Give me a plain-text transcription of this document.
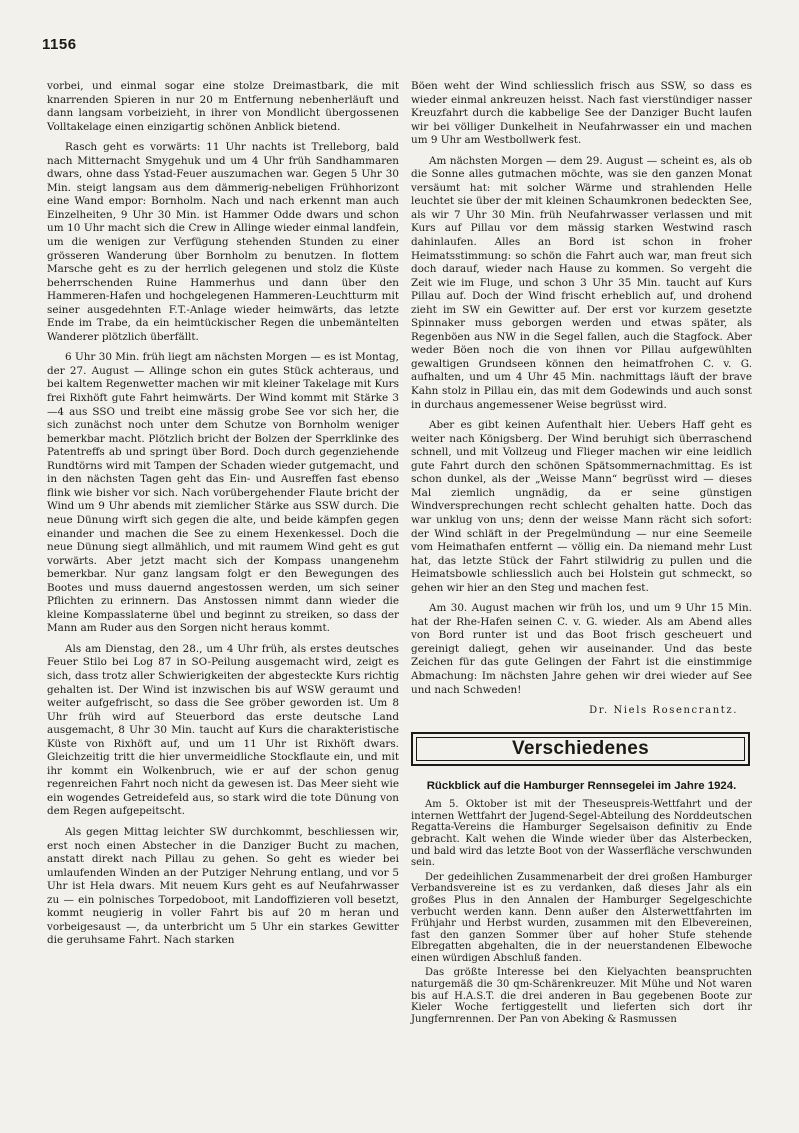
1156

vorbei, und einmal sogar eine stolze Dreimastbark, die mit knarrenden Spieren in nur 20 m Entfernung nebenherläuft und dann langsam vorbeizieht, in ihrer von Mondlicht übergossenen Volltakelage einen einzigartig schönen Anblick bietend.

Rasch geht es vorwärts: 11 Uhr nachts ist Trelleborg, bald nach Mitternacht Smygehuk und um 4 Uhr früh Sandhammaren dwars, ohne dass Ystad-Feuer auszumachen war. Gegen 5 Uhr 30 Min. steigt langsam aus dem dämmerig-nebeligen Frühhorizont eine Wand empor: Bornholm. Nach und nach erkennt man auch Einzelheiten, 9 Uhr 30 Min. ist Hammer Odde dwars und schon um 10 Uhr macht sich die Crew in Allinge wieder einmal landfein, um die wenigen zur Verfügung stehenden Stunden zu einer grösseren Wanderung über Bornholm zu benutzen. In flottem Marsche geht es zu der herrlich gelegenen und stolz die Küste beherrschenden Ruine Hammerhus und dann über den Hammeren-Hafen und hochgelegenen Hammeren-Leuchtturm mit seiner ausgedehnten F.T.-Anlage wieder heimwärts, das letzte Ende im Trabe, da ein heimtückischer Regen die unbemäntelten Wanderer plötzlich überfällt.

6 Uhr 30 Min. früh liegt am nächsten Morgen — es ist Montag, der 27. August — Allinge schon ein gutes Stück achteraus, und bei kaltem Regenwetter machen wir mit kleiner Takelage mit Kurs frei Rixhöft gute Fahrt heimwärts. Der Wind kommt mit Stärke 3—4 aus SSO und treibt eine mässig grobe See vor sich her, die sich zunächst noch unter dem Schutze von Bornholm weniger bemerkbar macht. Plötzlich bricht der Bolzen der Sperrklinke des Patentreffs ab und springt über Bord. Doch durch gegenziehende Rundtörns wird mit Tampen der Schaden wieder gutgemacht, und in den nächsten Tagen geht das Ein- und Ausreffen fast ebenso flink wie bisher vor sich. Nach vorübergehender Flaute bricht der Wind um 9 Uhr abends mit ziemlicher Stärke aus SSW durch. Die neue Dünung wirft sich gegen die alte, und beide kämpfen gegen einander und machen die See zu einem Hexenkessel. Doch die neue Dünung siegt allmählich, und mit raumem Wind geht es gut vorwärts. Aber jetzt macht sich der Kompass unangenehm bemerkbar. Nur ganz langsam folgt er den Bewegungen des Bootes und muss dauernd angestossen werden, um sich seiner Pflichten zu erinnern. Das Anstossen nimmt dann wieder die kleine Kompasslaterne übel und beginnt zu streiken, so dass der Mann am Ruder aus den Sorgen nicht heraus kommt.

Als am Dienstag, den 28., um 4 Uhr früh, als erstes deutsches Feuer Stilo bei Log 87 in SO-Peilung ausgemacht wird, zeigt es sich, dass trotz aller Schwierigkeiten der abgesteckte Kurs richtig gehalten ist. Der Wind ist inzwischen bis auf WSW geraumt und weiter aufgefrischt, so dass die See gröber geworden ist. Um 8 Uhr früh wird auf Steuerbord das erste deutsche Land ausgemacht, 8 Uhr 30 Min. taucht auf Kurs die charakteristische Küste von Rixhöft auf, und um 11 Uhr ist Rixhöft dwars. Gleichzeitig tritt die hier unvermeidliche Stockflaute ein, und mit ihr kommt ein Wolkenbruch, wie er auf der schon genug regenreichen Fahrt noch nicht da gewesen ist. Das Meer sieht wie ein wogendes Getreidefeld aus, so stark wird die tote Dünung von dem Regen aufgepeitscht.

Als gegen Mittag leichter SW durchkommt, beschliessen wir, erst noch einen Abstecher in die Danziger Bucht zu machen, anstatt direkt nach Pillau zu gehen. So geht es wieder bei umlaufenden Winden an der Putziger Nehrung entlang, und vor 5 Uhr ist Hela dwars. Mit neuem Kurs geht es auf Neufahrwasser zu — ein polnisches Torpedoboot, mit Landoffizieren voll besetzt, kommt neugierig in voller Fahrt bis auf 20 m heran und vorbeigesaust —, da unterbricht um 5 Uhr ein starkes Gewitter die geruhsame Fahrt. Nach starken

Böen weht der Wind schliesslich frisch aus SSW, so dass es wieder einmal ankreuzen heisst. Nach fast vierstündiger nasser Kreuzfahrt durch die kabbelige See der Danziger Bucht laufen wir bei völliger Dunkelheit in Neufahrwasser ein und machen um 9 Uhr am Westbollwerk fest.

Am nächsten Morgen — dem 29. August — scheint es, als ob die Sonne alles gutmachen möchte, was sie den ganzen Monat versäumt hat: mit solcher Wärme und strahlenden Helle leuchtet sie über der mit kleinen Schaumkronen bedeckten See, als wir 7 Uhr 30 Min. früh Neufahrwasser verlassen und mit Kurs auf Pillau vor dem mässig starken Westwind rasch dahinlaufen. Alles an Bord ist schon in froher Heimatsstimmung: so schön die Fahrt auch war, man freut sich doch darauf, wieder nach Hause zu kommen. So vergeht die Zeit wie im Fluge, und schon 3 Uhr 35 Min. taucht auf Kurs Pillau auf. Doch der Wind frischt erheblich auf, und drohend zieht im SW ein Gewitter auf. Der erst vor kurzem gesetzte Spinnaker muss geborgen werden und etwas später, als Regenböen aus NW in die Segel fallen, auch die Stagfock. Aber weder Böen noch die von ihnen vor Pillau aufgewühlten gewaltigen Grundseen können den heimatfrohen C. v. G. aufhalten, und um 4 Uhr 45 Min. nachmittags läuft der brave Kahn stolz in Pillau ein, das mit dem Godewinds und auch sonst in durchaus angemessener Weise begrüsst wird.

Aber es gibt keinen Aufenthalt hier. Uebers Haff geht es weiter nach Königsberg. Der Wind beruhigt sich überraschend schnell, und mit Vollzeug und Flieger machen wir eine leidlich gute Fahrt durch den schönen Spätsommernachmittag. Es ist schon dunkel, als der „Weisse Mann“ begrüsst wird — dieses Mal ziemlich ungnädig, da er seine günstigen Windversprechungen recht schlecht gehalten hatte. Doch das war unklug von uns; denn der weisse Mann rächt sich sofort: der Wind schläft in der Pregelmündung — nur eine Seemeile vom Heimathafen entfernt — völlig ein. Da niemand mehr Lust hat, das letzte Stück der Fahrt stilwidrig zu pullen und die Heimatsbowle schliesslich auch bei Holstein gut schmeckt, so gehen wir hier an den Steg und machen fest.

Am 30. August machen wir früh los, und um 9 Uhr 15 Min. hat der Rhe-Hafen seinen C. v. G. wieder. Als am Abend alles von Bord runter ist und das Boot frisch gescheuert und gereinigt daliegt, gehen wir auseinander. Und das beste Zeichen für das gute Gelingen der Fahrt ist die einstimmige Abmachung: Im nächsten Jahre gehen wir drei wieder auf See und nach Schweden!

Dr. Niels Rosencrantz.
Verschiedenes
Rückblick auf die Hamburger Rennsegelei im Jahre 1924.

Am 5. Oktober ist mit der Theseuspreis-Wettfahrt und der internen Wettfahrt der Jugend-Segel-Abteilung des Norddeutschen Regatta-Vereins die Hamburger Segelsaison definitiv zu Ende gebracht. Kalt wehen die Winde wieder über das Alsterbecken, und bald wird das letzte Boot von der Wasserfläche verschwunden sein.

Der gedeihlichen Zusammenarbeit der drei großen Hamburger Verbandsvereine ist es zu verdanken, daß dieses Jahr als ein großes Plus in den Annalen der Hamburger Segelgeschichte verbucht werden kann. Denn außer den Alsterwettfahrten im Frühjahr und Herbst wurden, zusammen mit den Elbevereinen, fast den ganzen Sommer über auf hoher Stufe stehende Elbregatten abgehalten, die in der neuerstandenen Elbewoche einen würdigen Abschluß fanden.

Das größte Interesse bei den Kielyachten beanspruchten naturgemäß die 30 qm-Schärenkreuzer. Mit Mühe und Not waren bis auf H.A.S.T. die drei anderen in Bau gegebenen Boote zur Kieler Woche fertiggestellt und lieferten sich dort ihr Jungfernrennen. Der Pan von Abeking & Rasmussen
